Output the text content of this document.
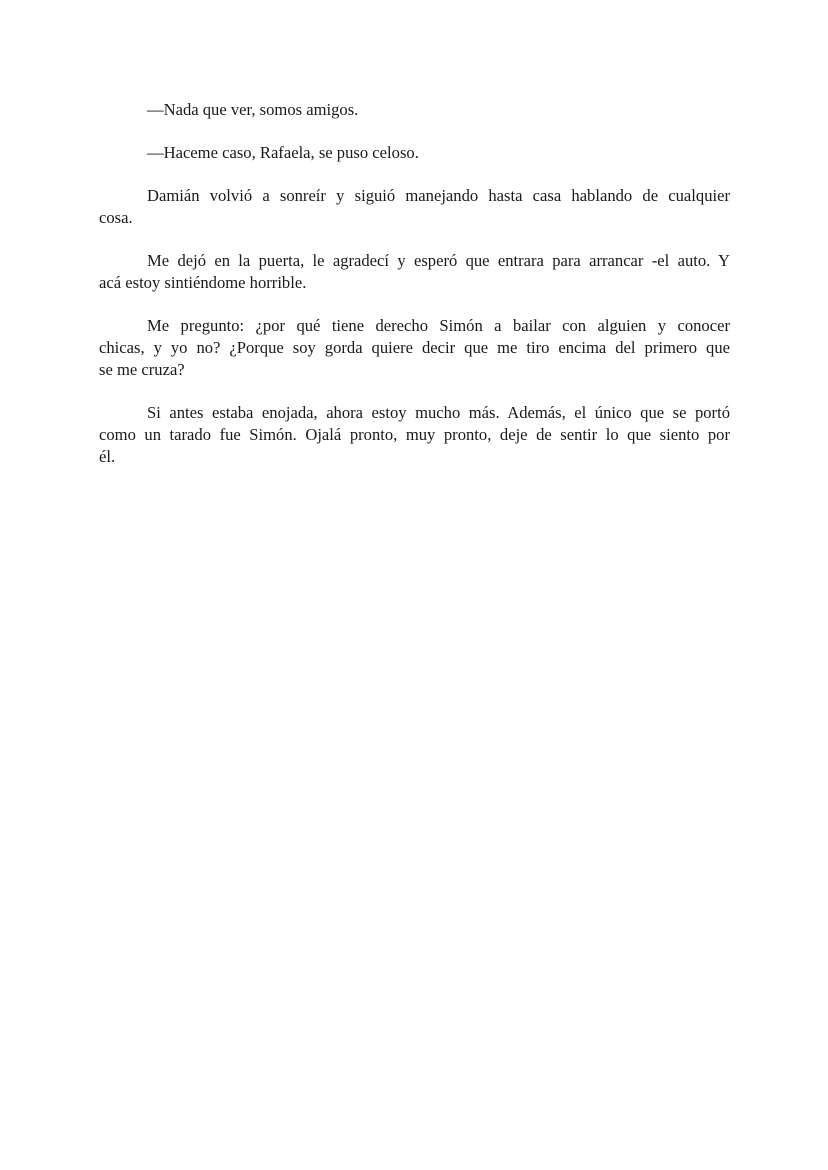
—Nada que ver, somos amigos.

—Haceme caso, Rafaela, se puso celoso.

Damián volvió a sonreír y siguió manejando hasta casa hablando de cualquier
cosa.

Me dejó en la puerta, le agradecí y esperó que entrara para arrancar -el auto. Y
acá estoy sintiéndome horrible.

Me pregunto: ¿por qué tiene derecho Simón a bailar con alguien y conocer
chicas, y yo no? ¿Porque soy gorda quiere decir que me tiro encima del primero que
se me cruza?

Si antes estaba enojada, ahora estoy mucho más. Además, el único que se portó
como un tarado fue Simón. Ojalá pronto, muy pronto, deje de sentir lo que siento por
él.
